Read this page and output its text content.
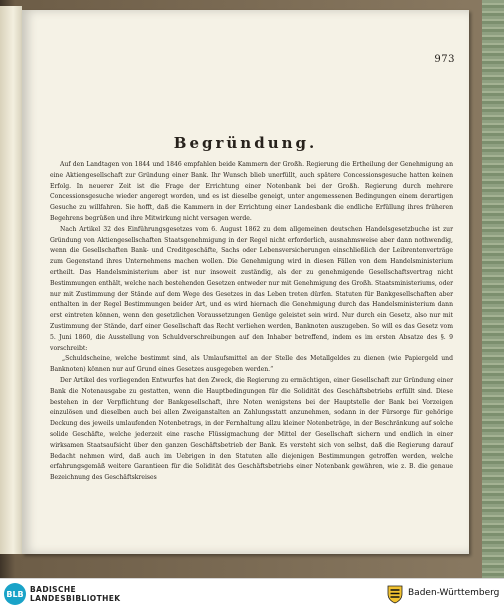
973
Begründung.

Auf den Landtagen von 1844 und 1846 empfahlen beide Kammern der Großh. Regierung die Ertheilung der Genehmigung an eine Aktiengesellschaft zur Gründung einer Bank. Ihr Wunsch blieb unerfüllt, auch spätere Concessionsgesuche hatten keinen Erfolg. In neuerer Zeit ist die Frage der Errichtung einer Notenbank bei der Großh. Regierung durch mehrere Concessionsgesuche wieder angeregt worden, und es ist dieselbe geneigt, unter angemessenen Bedingungen einem derartigen Gesuche zu willfahren. Sie hofft, daß die Kammern in der Errichtung einer Landesbank die endliche Erfüllung ihres früheren Begehrens begrüßen und ihre Mitwirkung nicht versagen werde.

Nach Artikel 32 des Einführungsgesetzes vom 6. August 1862 zu dem allgemeinen deutschen Handelsgesetzbuche ist zur Gründung von Aktiengesellschaften Staatsgenehmigung in der Regel nicht erforderlich, ausnahmsweise aber dann nothwendig, wenn die Gesellschaften Bank- und Creditgeschäfte, Sachs oder Lebensversicherungen einschließlich der Leibrentenverträge zum Gegenstand ihres Unternehmens machen wollen. Die Genehmigung wird in diesen Fällen von dem Handelsministerium ertheilt. Das Handelsministerium aber ist nur insoweit zuständig, als der zu genehmigende Gesellschaftsvertrag nicht Bestimmungen enthält, welche nach bestehenden Gesetzen entweder nur mit Genehmigung des Großh. Staatsministeriums, oder nur mit Zustimmung der Stände auf dem Wege des Gesetzes in das Leben treten dürfen. Statuten für Bankgesellschaften aber enthalten in der Regel Bestimmungen beider Art, und es wird hiernach die Genehmigung durch das Handelsministerium dann erst eintreten können, wenn den gesetzlichen Voraussetzungen Genüge geleistet sein wird. Nur durch ein Gesetz, also nur mit Zustimmung der Stände, darf einer Gesellschaft das Recht verliehen werden, Banknoten auszugeben. So will es das Gesetz vom 5. Juni 1860, die Ausstellung von Schuldverschreibungen auf den Inhaber betreffend, indem es im ersten Absatze des §. 9 vorschreibt:

„Schuldscheine, welche bestimmt sind, als Umlaufsmittel an der Stelle des Metallgeldes zu dienen (wie Papiergeld und Banknoten) können nur auf Grund eines Gesetzes ausgegeben werden.“

Der Artikel des vorliegenden Entwurfes hat den Zweck, die Regierung zu ermächtigen, einer Gesellschaft zur Gründung einer Bank die Notenausgabe zu gestatten, wenn die Hauptbedingungen für die Solidität des Geschäftsbetriebs erfüllt sind. Diese bestehen in der Verpflichtung der Bankgesellschaft, ihre Noten wenigstens bei der Hauptstelle der Bank bei Vorzeigen einzulösen und dieselben auch bei allen Zweiganstalten an Zahlungsstatt anzunehmen, sodann in der Fürsorge für gehörige Deckung des jeweils umlaufenden Notenbetrags, in der Fernhaltung allzu kleiner Notenbeträge, in der Beschränkung auf solche solide Geschäfte, welche jederzeit eine rasche Flüssigmachung der Mittel der Gesellschaft sichern und endlich in einer wirksamen Staatsaufsicht über den ganzen Geschäftsbetrieb der Bank. Es versteht sich von selbst, daß die Regierung darauf Bedacht nehmen wird, daß auch im Uebrigen in den Statuten alle diejenigen Bestimmungen getroffen werden, welche erfahrungsgemäß weitere Garantieen für die Solidität des Geschäftsbetriebs einer Notenbank gewähren, wie z. B. die genaue Bezeichnung des Geschäftskreises

BLB BADISCHE
LANDESBIBLIOTHEK
Baden-Württemberg
